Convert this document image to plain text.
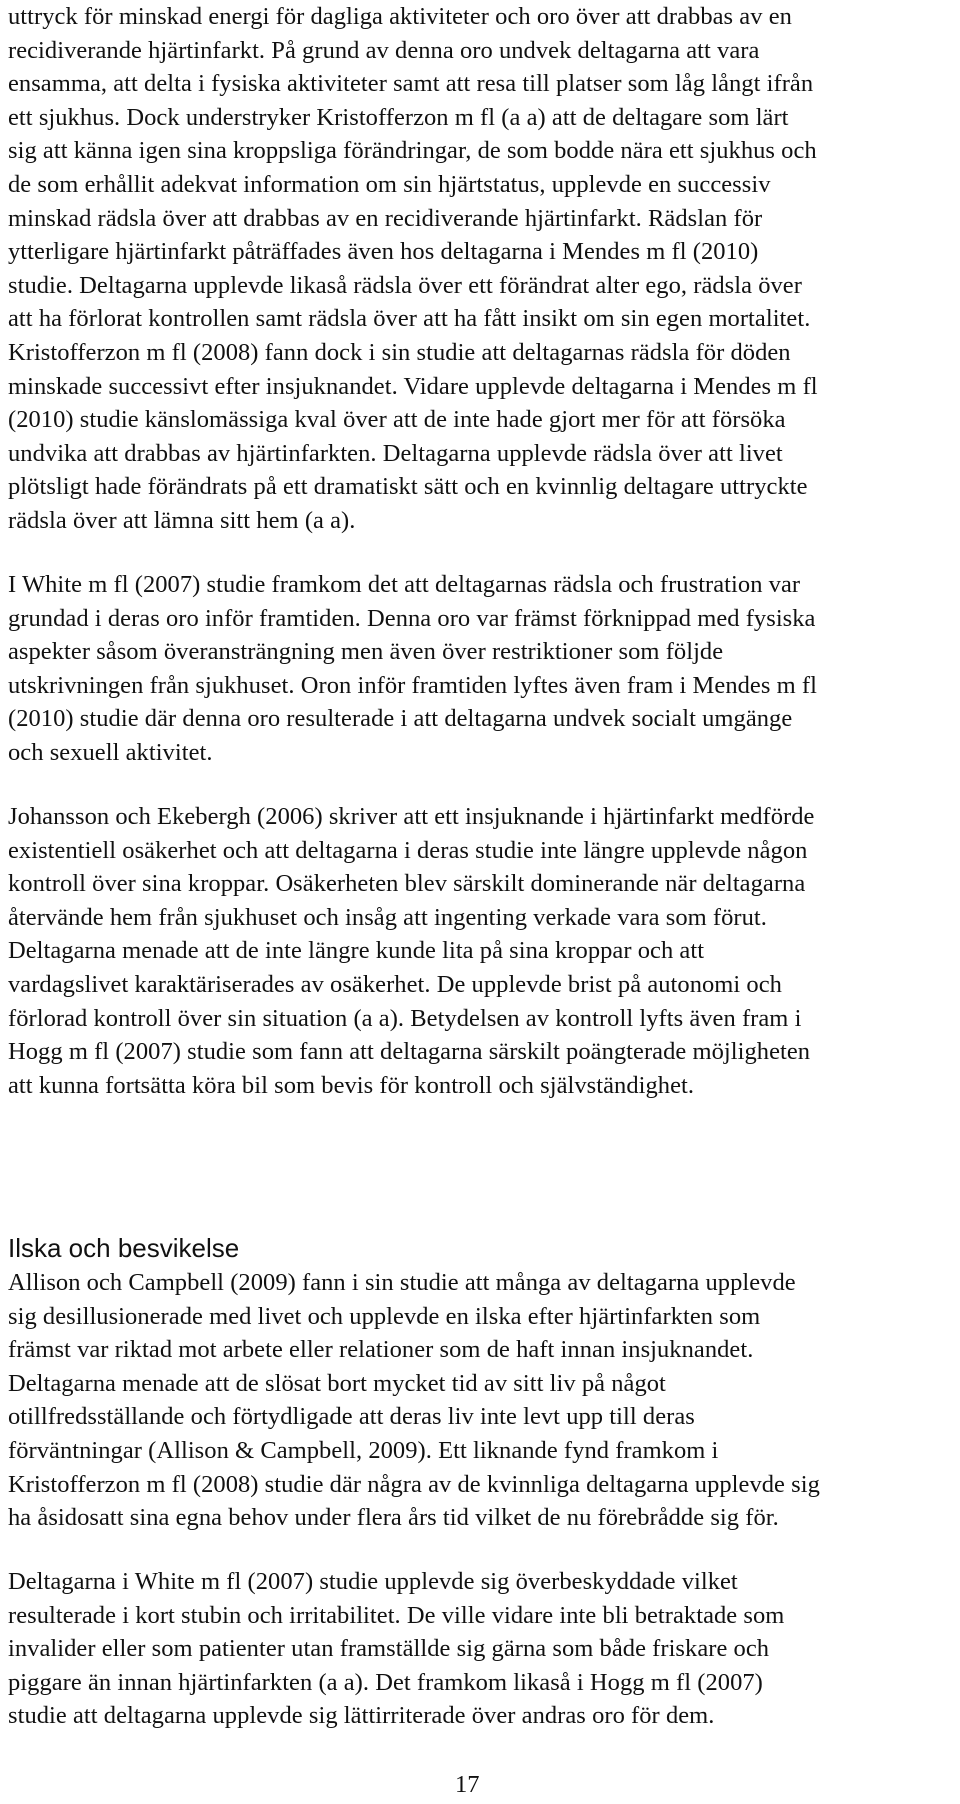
uttryck för minskad energi för dagliga aktiviteter och oro över att drabbas av en
recidiverande hjärtinfarkt. På grund av denna oro undvek deltagarna att vara
ensamma, att delta i fysiska aktiviteter samt att resa till platser som låg långt ifrån
ett sjukhus. Dock understryker Kristofferzon m fl (a a) att de deltagare som lärt
sig att känna igen sina kroppsliga förändringar, de som bodde nära ett sjukhus och
de som erhållit adekvat information om sin hjärtstatus, upplevde en successiv
minskad rädsla över att drabbas av en recidiverande hjärtinfarkt. Rädslan för
ytterligare hjärtinfarkt påträffades även hos deltagarna i Mendes m fl (2010)
studie. Deltagarna upplevde likaså rädsla över ett förändrat alter ego, rädsla över
att ha förlorat kontrollen samt rädsla över att ha fått insikt om sin egen mortalitet.
Kristofferzon m fl (2008) fann dock i sin studie att deltagarnas rädsla för döden
minskade successivt efter insjuknandet. Vidare upplevde deltagarna i Mendes m fl
(2010) studie känslomässiga kval över att de inte hade gjort mer för att försöka
undvika att drabbas av hjärtinfarkten. Deltagarna upplevde rädsla över att livet
plötsligt hade förändrats på ett dramatiskt sätt och en kvinnlig deltagare uttryckte
rädsla över att lämna sitt hem (a a).
I White m fl (2007) studie framkom det att deltagarnas rädsla och frustration var
grundad i deras oro inför framtiden. Denna oro var främst förknippad med fysiska
aspekter såsom överansträngning men även över restriktioner som följde
utskrivningen från sjukhuset. Oron inför framtiden lyftes även fram i Mendes m fl
(2010) studie där denna oro resulterade i att deltagarna undvek socialt umgänge
och sexuell aktivitet.
Johansson och Ekebergh (2006) skriver att ett insjuknande i hjärtinfarkt medförde
existentiell osäkerhet och att deltagarna i deras studie inte längre upplevde någon
kontroll över sina kroppar. Osäkerheten blev särskilt dominerande när deltagarna
återvände hem från sjukhuset och insåg att ingenting verkade vara som förut.
Deltagarna menade att de inte längre kunde lita på sina kroppar och att
vardagslivet karaktäriserades av osäkerhet. De upplevde brist på autonomi och
förlorad kontroll över sin situation (a a). Betydelsen av kontroll lyfts även fram i
Hogg m fl (2007) studie som fann att deltagarna särskilt poängterade möjligheten
att kunna fortsätta köra bil som bevis för kontroll och självständighet.
Ilska och besvikelse
Allison och Campbell (2009) fann i sin studie att många av deltagarna upplevde
sig desillusionerade med livet och upplevde en ilska efter hjärtinfarkten som
främst var riktad mot arbete eller relationer som de haft innan insjuknandet.
Deltagarna menade att de slösat bort mycket tid av sitt liv på något
otillfredsställande och förtydligade att deras liv inte levt upp till deras
förväntningar (Allison & Campbell, 2009). Ett liknande fynd framkom i
Kristofferzon m fl (2008) studie där några av de kvinnliga deltagarna upplevde sig
ha åsidosatt sina egna behov under flera års tid vilket de nu förebrådde sig för.
Deltagarna i White m fl (2007) studie upplevde sig överbeskyddade vilket
resulterade i kort stubin och irritabilitet. De ville vidare inte bli betraktade som
invalider eller som patienter utan framställde sig gärna som både friskare och
piggare än innan hjärtinfarkten (a a). Det framkom likaså i Hogg m fl (2007)
studie att deltagarna upplevde sig lättirriterade över andras oro för dem.
17
